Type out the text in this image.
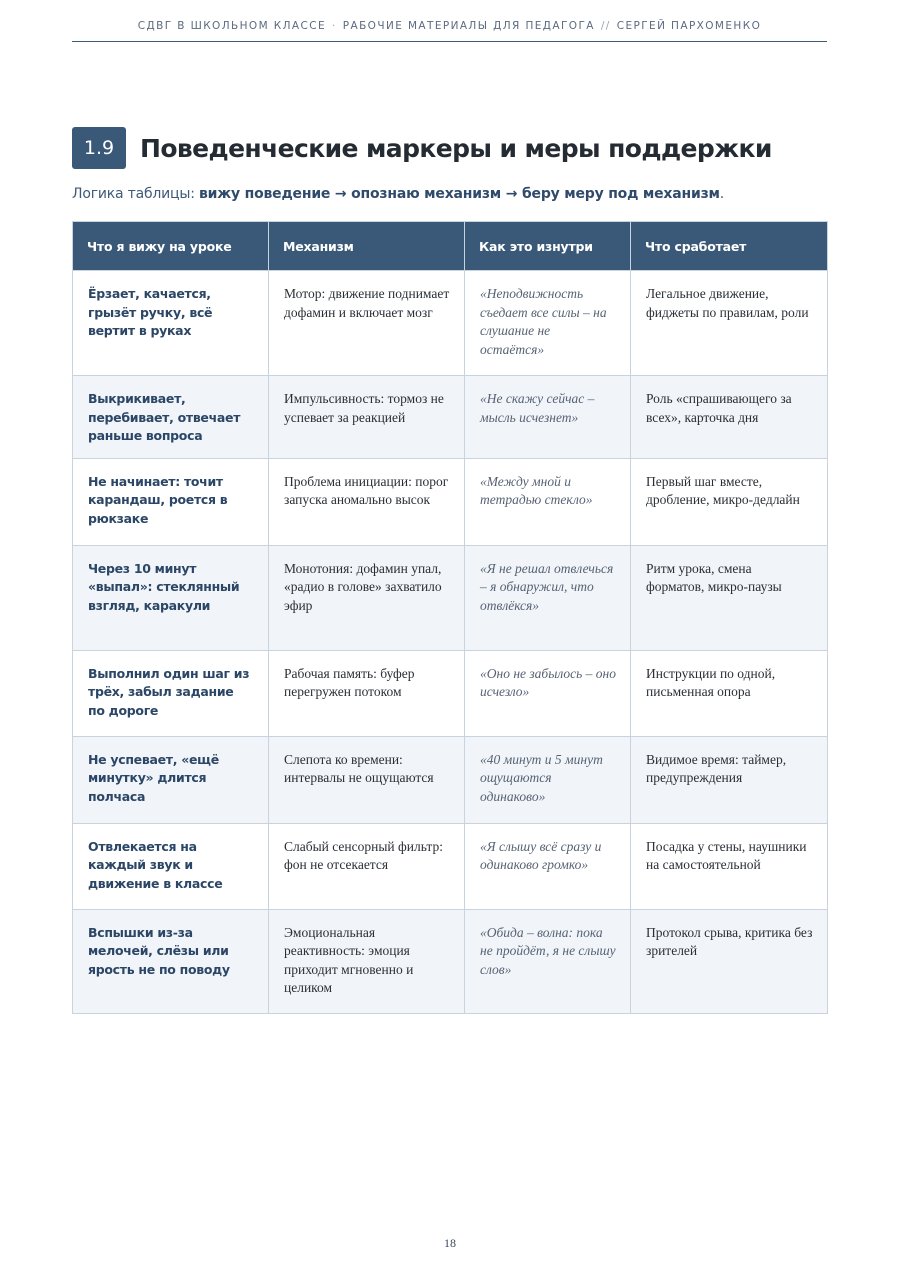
СДВГ В ШКОЛЬНОМ КЛАССЕ · РАБОЧИЕ МАТЕРИАЛЫ ДЛЯ ПЕДАГОГА // СЕРГЕЙ ПАРХОМЕНКО
1.9	Поведенческие маркеры и меры поддержки

Логика таблицы: вижу поведение → опознаю механизм → беру меру под механизм.

Что я вижу на уроке	Механизм	Как это изнутри	Что сработает
Ёрзает, качается, грызёт ручку, всё вертит в руках	Мотор: движение поднимает дофамин и включает мозг	«Неподвижность съедает все силы – на слушание не остаётся»	Легальное движение, фиджеты по правилам, роли
Выкрикивает, перебивает, отвечает раньше вопроса	Импульсивность: тормоз не успевает за реакцией	«Не скажу сейчас – мысль исчезнет»	Роль «спрашивающего за всех», карточка дня
Не начинает: точит карандаш, роется в рюкзаке	Проблема инициации: порог запуска аномально высок	«Между мной и тетрадью стекло»	Первый шаг вместе, дробление, микро-дедлайн
Через 10 минут «выпал»: стеклянный взгляд, каракули	Монотония: дофамин упал, «радио в голове» захватило эфир	«Я не решал отвлечься – я обнаружил, что отвлёкся»	Ритм урока, смена форматов, микро-паузы
Выполнил один шаг из трёх, забыл задание по дороге	Рабочая память: буфер перегружен потоком	«Оно не забылось – оно исчезло»	Инструкции по одной, письменная опора
Не успевает, «ещё минутку» длится полчаса	Слепота ко времени: интервалы не ощущаются	«40 минут и 5 минут ощущаются одинаково»	Видимое время: таймер, предупреждения
Отвлекается на каждый звук и движение в классе	Слабый сенсорный фильтр: фон не отсекается	«Я слышу всё сразу и одинаково громко»	Посадка у стены, наушники на самостоятельной
Вспышки из-за мелочей, слёзы или ярость не по поводу	Эмоциональная реактивность: эмоция приходит мгновенно и целиком	«Обида – волна: пока не пройдёт, я не слышу слов»	Протокол срыва, критика без зрителей
18
